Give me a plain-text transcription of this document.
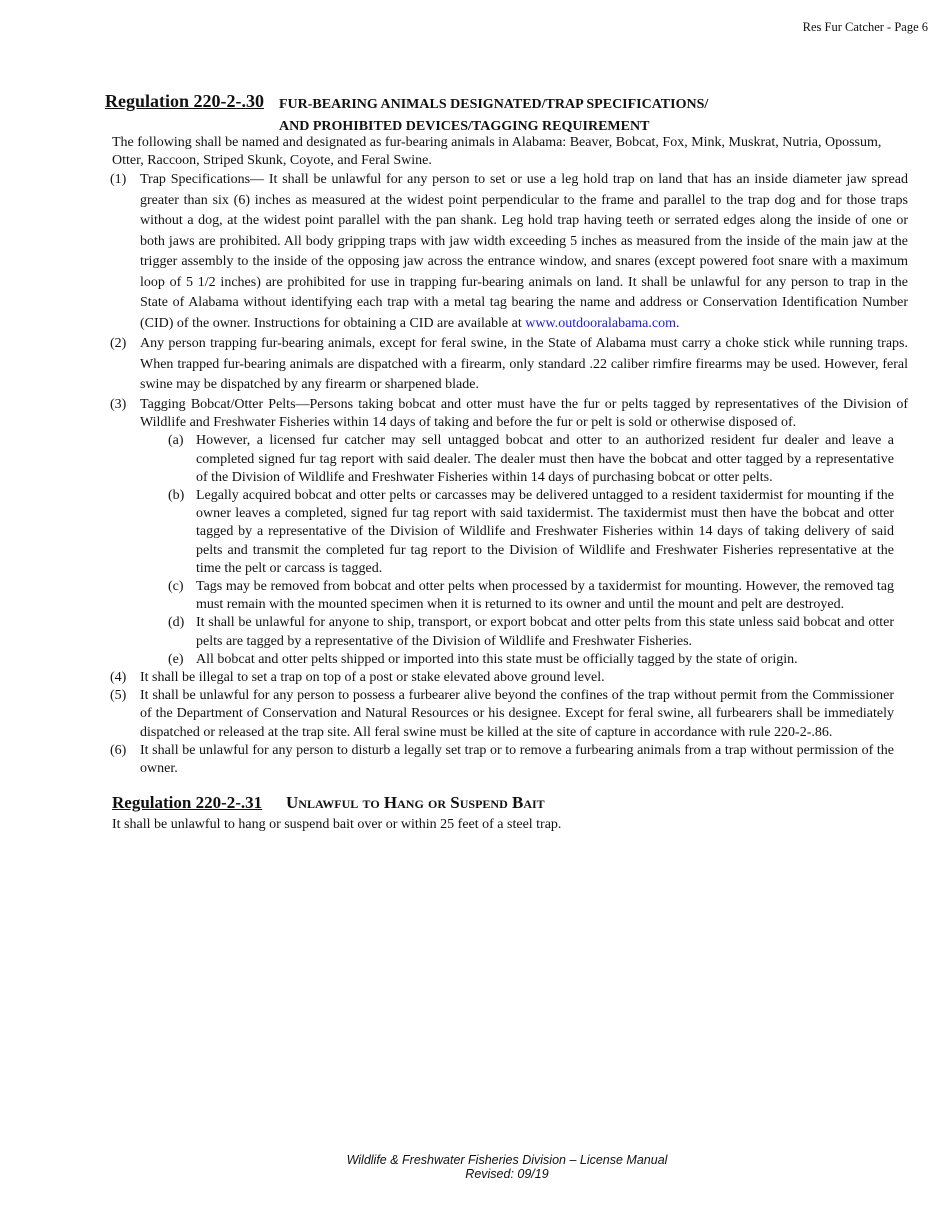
Res Fur Catcher - Page 6
Regulation 220-2-.30 FUR-BEARING ANIMALS DESIGNATED/TRAP SPECIFICATIONS/
AND PROHIBITED DEVICES/TAGGING REQUIREMENT

The following shall be named and designated as fur-bearing animals in Alabama: Beaver, Bobcat, Fox, Mink, Muskrat, Nutria, Opossum, Otter, Raccoon, Striped Skunk, Coyote, and Feral Swine.

(1) Trap Specifications— It shall be unlawful for any person to set or use a leg hold trap on land that has an inside diameter jaw spread greater than six (6) inches as measured at the widest point perpendicular to the frame and parallel to the trap dog and for those traps without a dog, at the widest point parallel with the pan shank. Leg hold trap having teeth or serrated edges along the inside of one or both jaws are prohibited. All body gripping traps with jaw width exceeding 5 inches as measured from the inside of the main jaw at the trigger assembly to the inside of the opposing jaw across the entrance window, and snares (except powered foot snare with a maximum loop of 5 1/2 inches) are prohibited for use in trapping fur-bearing animals on land. It shall be unlawful for any person to trap in the State of Alabama without identifying each trap with a metal tag bearing the name and address or Conservation Identification Number (CID) of the owner. Instructions for obtaining a CID are available at www.outdooralabama.com.
(2) Any person trapping fur-bearing animals, except for feral swine, in the State of Alabama must carry a choke stick while running traps. When trapped fur-bearing animals are dispatched with a firearm, only standard .22 caliber rimfire firearms may be used. However, feral swine may be dispatched by any firearm or sharpened blade.
(3) Tagging Bobcat/Otter Pelts—Persons taking bobcat and otter must have the fur or pelts tagged by representatives of the Division of Wildlife and Freshwater Fisheries within 14 days of taking and before the fur or pelt is sold or otherwise disposed of.
(a) However, a licensed fur catcher may sell untagged bobcat and otter to an authorized resident fur dealer and leave a completed signed fur tag report with said dealer. The dealer must then have the bobcat and otter tagged by a representative of the Division of Wildlife and Freshwater Fisheries within 14 days of purchasing bobcat or otter pelts.
(b) Legally acquired bobcat and otter pelts or carcasses may be delivered untagged to a resident taxidermist for mounting if the owner leaves a completed, signed fur tag report with said taxidermist. The taxidermist must then have the bobcat and otter tagged by a representative of the Division of Wildlife and Freshwater Fisheries within 14 days of taking delivery of said pelts and transmit the completed fur tag report to the Division of Wildlife and Freshwater Fisheries representative at the time the pelt or carcass is tagged.
(c) Tags may be removed from bobcat and otter pelts when processed by a taxidermist for mounting. However, the removed tag must remain with the mounted specimen when it is returned to its owner and until the mount and pelt are destroyed.
(d) It shall be unlawful for anyone to ship, transport, or export bobcat and otter pelts from this state unless said bobcat and otter pelts are tagged by a representative of the Division of Wildlife and Freshwater Fisheries.
(e) All bobcat and otter pelts shipped or imported into this state must be officially tagged by the state of origin.
(4) It shall be illegal to set a trap on top of a post or stake elevated above ground level.
(5) It shall be unlawful for any person to possess a furbearer alive beyond the confines of the trap without permit from the Commissioner of the Department of Conservation and Natural Resources or his designee. Except for feral swine, all furbearers shall be immediately dispatched or released at the trap site. All feral swine must be killed at the site of capture in accordance with rule 220-2-.86.
(6) It shall be unlawful for any person to disturb a legally set trap or to remove a furbearing animals from a trap without permission of the owner.
Regulation 220-2-.31 Unlawful to Hang or Suspend Bait

It shall be unlawful to hang or suspend bait over or within 25 feet of a steel trap.

Wildlife & Freshwater Fisheries Division – License Manual
Revised: 09/19
